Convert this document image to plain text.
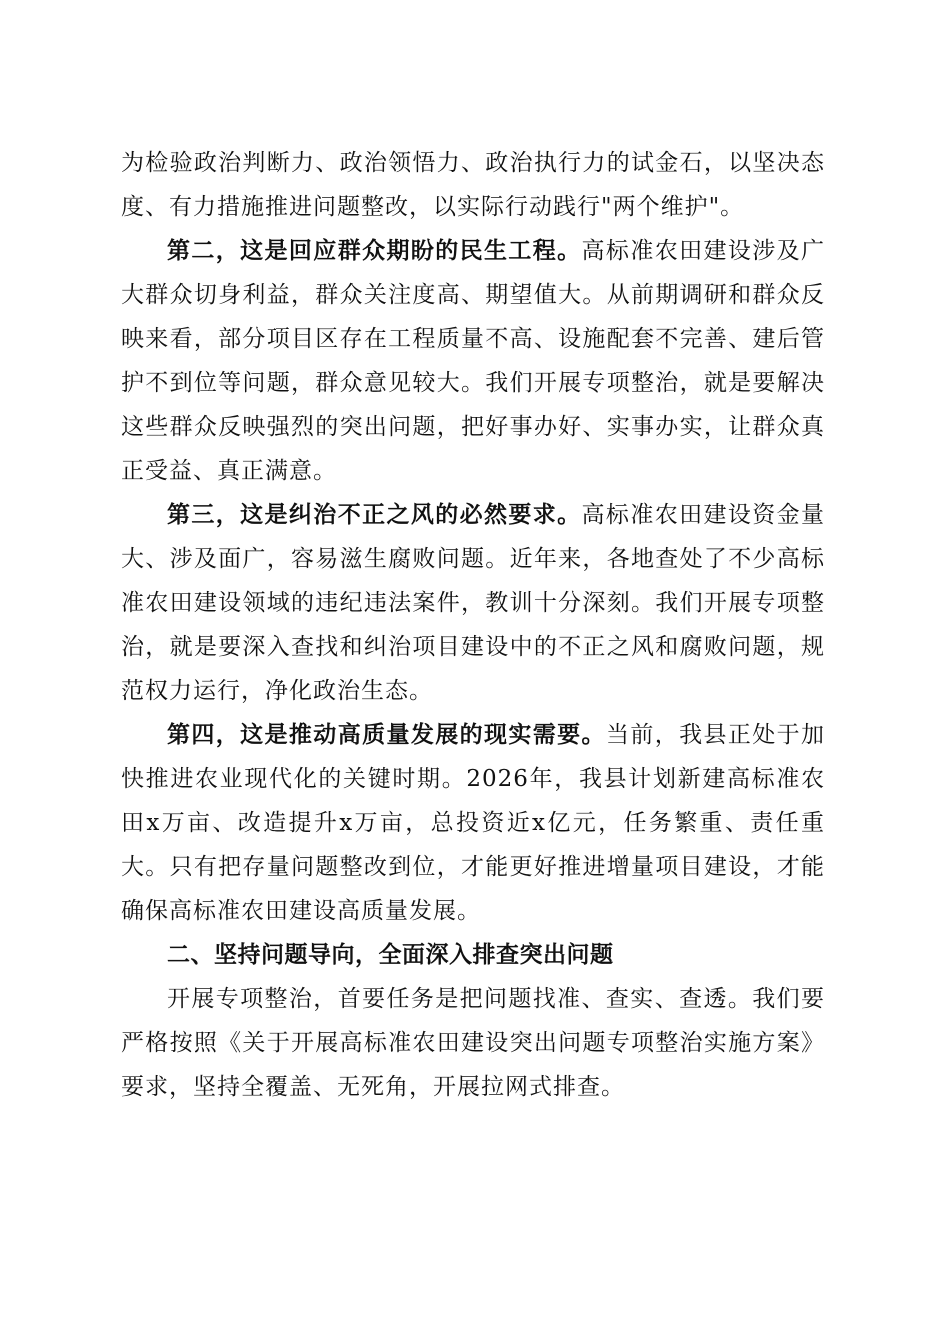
为检验政治判断力、政治领悟力、政治执行力的试金石，以坚决态度、有力措施推进问题整改，以实际行动践行"两个维护"。

第二，这是回应群众期盼的民生工程。高标准农田建设涉及广大群众切身利益，群众关注度高、期望值大。从前期调研和群众反映来看，部分项目区存在工程质量不高、设施配套不完善、建后管护不到位等问题，群众意见较大。我们开展专项整治，就是要解决这些群众反映强烈的突出问题，把好事办好、实事办实，让群众真正受益、真正满意。

第三，这是纠治不正之风的必然要求。高标准农田建设资金量大、涉及面广，容易滋生腐败问题。近年来，各地查处了不少高标准农田建设领域的违纪违法案件，教训十分深刻。我们开展专项整治，就是要深入查找和纠治项目建设中的不正之风和腐败问题，规范权力运行，净化政治生态。

第四，这是推动高质量发展的现实需要。当前，我县正处于加快推进农业现代化的关键时期。2026年，我县计划新建高标准农田x万亩、改造提升x万亩，总投资近x亿元，任务繁重、责任重大。只有把存量问题整改到位，才能更好推进增量项目建设，才能确保高标准农田建设高质量发展。

二、坚持问题导向，全面深入排查突出问题

开展专项整治，首要任务是把问题找准、查实、查透。我们要严格按照《关于开展高标准农田建设突出问题专项整治实施方案》要求，坚持全覆盖、无死角，开展拉网式排查。
